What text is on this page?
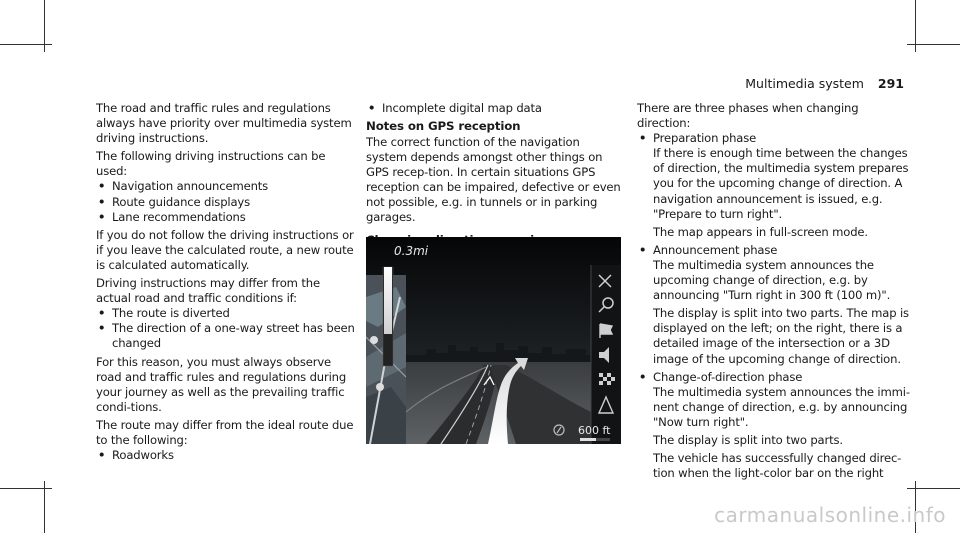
Multimedia system 291

The road and traffic rules and regulations always have priority over multimedia system driving instructions.

The following driving instructions can be used:

• Navigation announcements
• Route guidance displays
• Lane recommendations

If you do not follow the driving instructions or if you leave the calculated route, a new route is calculated automatically.

Driving instructions may differ from the actual road and traffic conditions if:

• The route is diverted
• The direction of a one-way street has been changed

For this reason, you must always observe road and traffic rules and regulations during your journey as well as the prevailing traffic condi-tions.

The route may differ from the ideal route due to the following:

• Roadworks
• Incomplete digital map data
Notes on GPS reception

The correct function of the navigation system depends amongst other things on GPS recep-tion. In certain situations GPS reception can be impaired, defective or even not possible, e.g. in tunnels or in parking garages.

0.3mi
600 ft

There are three phases when changing direction:

• Preparation phase

If there is enough time between the changes of direction, the multimedia system prepares you for the upcoming change of direction. A navigation announcement is issued, e.g. "Prepare to turn right".

The map appears in full-screen mode.

• Announcement phase

The multimedia system announces the upcoming change of direction, e.g. by announcing "Turn right in 300 ft (100 m)".

The display is split into two parts. The map is displayed on the left; on the right, there is a detailed image of the intersection or a 3D image of the upcoming change of direction.

• Change-of-direction phase

The multimedia system announces the immi-nent change of direction, e.g. by announcing "Now turn right".

The display is split into two parts.

The vehicle has successfully changed direc-tion when the light-color bar on the right

carmanualsonline.info
